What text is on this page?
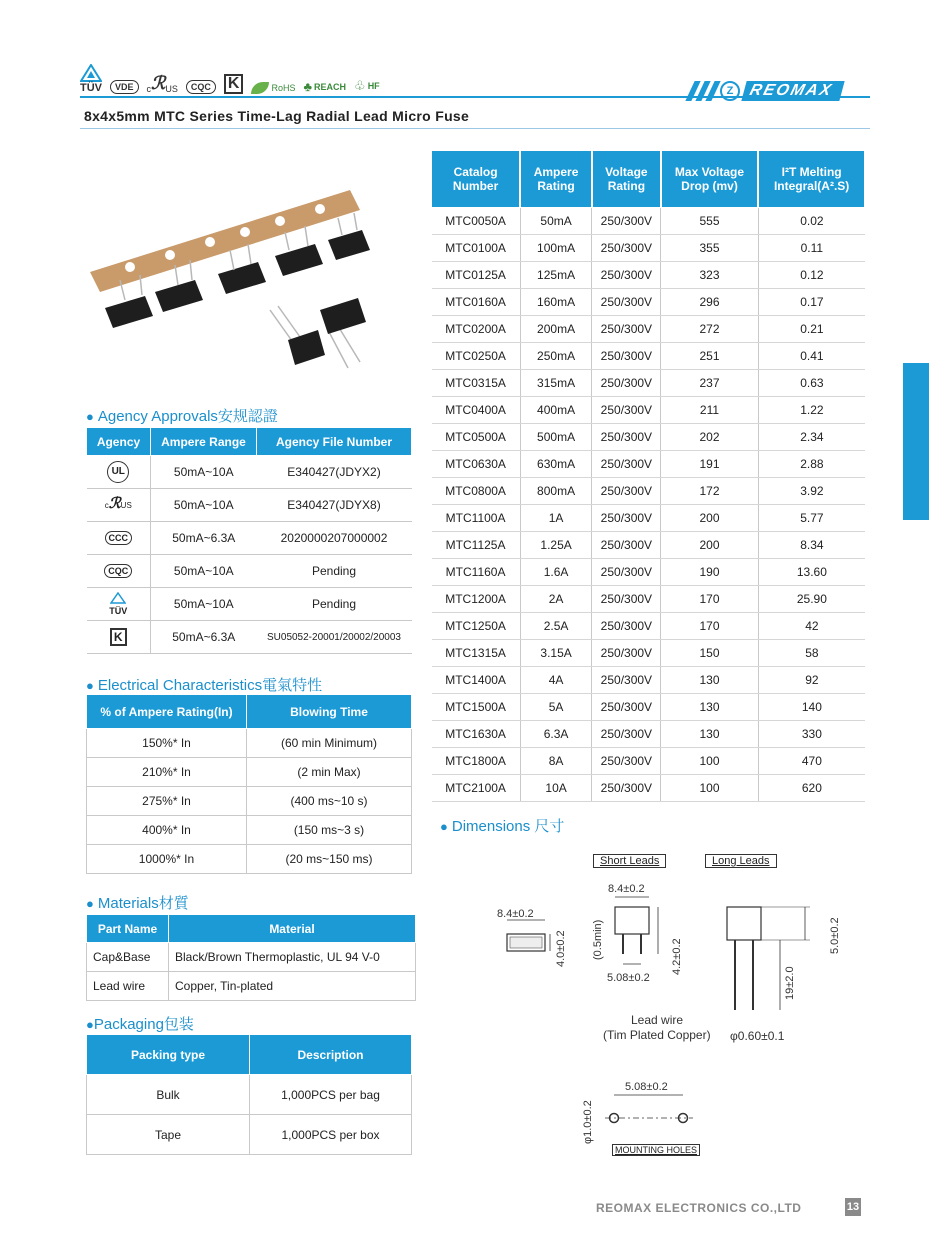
TÜV	VDE	c ℛ US	CQC	K	RoHS ♣ REACH ♧ HF	Z REOMAX
8x4x5mm MTC Series Time-Lag Radial Lead Micro Fuse
Catalog Number	Ampere Rating	Voltage Rating	Max Voltage Drop (mv)	I²T Melting Integral(A².S)
MTC0050A	50mA	250/300V	555	0.02
MTC0100A	100mA	250/300V	355	0.11
MTC0125A	125mA	250/300V	323	0.12
MTC0160A	160mA	250/300V	296	0.17
MTC0200A	200mA	250/300V	272	0.21
MTC0250A	250mA	250/300V	251	0.41
MTC0315A	315mA	250/300V	237	0.63
MTC0400A	400mA	250/300V	211	1.22
MTC0500A	500mA	250/300V	202	2.34
MTC0630A	630mA	250/300V	191	2.88
MTC0800A	800mA	250/300V	172	3.92
MTC1100A	1A	250/300V	200	5.77
MTC1125A	1.25A	250/300V	200	8.34
MTC1160A	1.6A	250/300V	190	13.60
MTC1200A	2A	250/300V	170	25.90
MTC1250A	2.5A	250/300V	170	42
MTC1315A	3.15A	250/300V	150	58
MTC1400A	4A	250/300V	130	92
MTC1500A	5A	250/300V	130	140
MTC1630A	6.3A	250/300V	130	330
MTC1800A	8A	250/300V	100	470
MTC2100A	10A	250/300V	100	620
● Agency Approvals安规認證
Agency	Ampere Range	Agency File Number
UL	50mA~10A	E340427(JDYX2)
cℛUS	50mA~10A	E340427(JDYX8)
CCC	50mA~6.3A	2020000207000002
CQC	50mA~10A	Pending

TÜV	50mA~10A	Pending
K	50mA~6.3A	SU05052-20001/20002/20003
● Electrical Characteristics電氣特性
% of Ampere Rating(In)	Blowing Time
150%* In	(60 min Minimum)
210%* In	(2 min Max)
275%* In	(400 ms~10 s)
400%* In	(150 ms~3 s)
1000%* In	(20 ms~150 ms)
● Materials材質
Part Name	Material
Cap&Base	Black/Brown Thermoplastic, UL 94 V-0
Lead wire	Copper, Tin-plated
●Packaging包装
Packing type	Description
Bulk	1,000PCS per bag
Tape	1,000PCS per box
● Dimensions 尺寸
Short Leads	Long Leads
8.4±0.2
4.0±0.2
8.4±0.2
(0.5min)
5.08±0.2
4.2±0.2
5.0±0.2
19±2.0
Lead wire
(Tim Plated Copper) φ0.60±0.1
5.08±0.2
φ1.0±0.2
MOUNTING HOLES
REOMAX ELECTRONICS CO.,LTD	13
